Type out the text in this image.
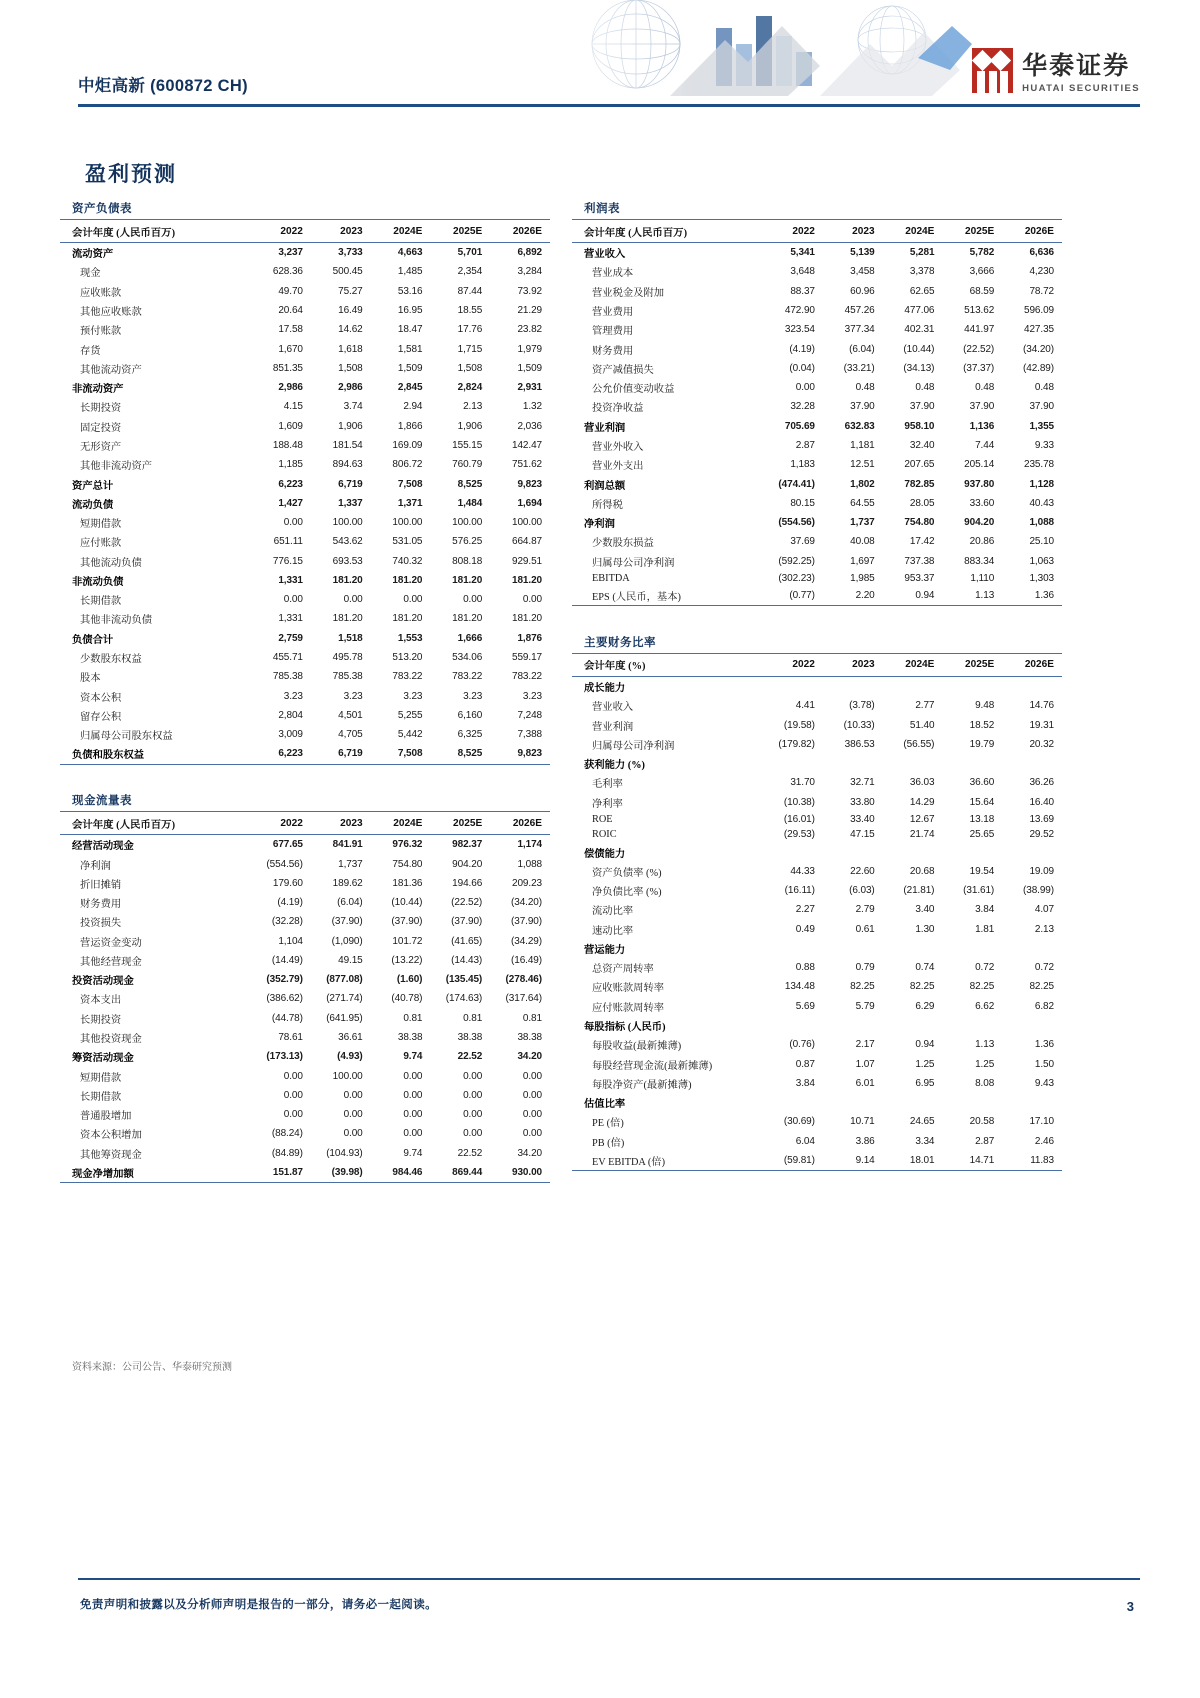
中炬高新 (600872 CH)
华泰证券
HUATAI SECURITIES
盈利预测
资产负债表
会计年度 (人民币百万)	2022	2023	2024E	2025E	2026E
流动资产	3,237	3,733	4,663	5,701	6,892
现金	628.36	500.45	1,485	2,354	3,284
应收账款	49.70	75.27	53.16	87.44	73.92
其他应收账款	20.64	16.49	16.95	18.55	21.29
预付账款	17.58	14.62	18.47	17.76	23.82
存货	1,670	1,618	1,581	1,715	1,979
其他流动资产	851.35	1,508	1,509	1,508	1,509
非流动资产	2,986	2,986	2,845	2,824	2,931
长期投资	4.15	3.74	2.94	2.13	1.32
固定投资	1,609	1,906	1,866	1,906	2,036
无形资产	188.48	181.54	169.09	155.15	142.47
其他非流动资产	1,185	894.63	806.72	760.79	751.62
资产总计	6,223	6,719	7,508	8,525	9,823
流动负债	1,427	1,337	1,371	1,484	1,694
短期借款	0.00	100.00	100.00	100.00	100.00
应付账款	651.11	543.62	531.05	576.25	664.87
其他流动负债	776.15	693.53	740.32	808.18	929.51
非流动负债	1,331	181.20	181.20	181.20	181.20
长期借款	0.00	0.00	0.00	0.00	0.00
其他非流动负债	1,331	181.20	181.20	181.20	181.20
负债合计	2,759	1,518	1,553	1,666	1,876
少数股东权益	455.71	495.78	513.20	534.06	559.17
股本	785.38	785.38	783.22	783.22	783.22
资本公积	3.23	3.23	3.23	3.23	3.23
留存公积	2,804	4,501	5,255	6,160	7,248
归属母公司股东权益	3,009	4,705	5,442	6,325	7,388
负债和股东权益	6,223	6,719	7,508	8,525	9,823

现金流量表
会计年度 (人民币百万)	2022	2023	2024E	2025E	2026E
经营活动现金	677.65	841.91	976.32	982.37	1,174
净利润	(554.56)	1,737	754.80	904.20	1,088
折旧摊销	179.60	189.62	181.36	194.66	209.23
财务费用	(4.19)	(6.04)	(10.44)	(22.52)	(34.20)
投资损失	(32.28)	(37.90)	(37.90)	(37.90)	(37.90)
营运资金变动	1,104	(1,090)	101.72	(41.65)	(34.29)
其他经营现金	(14.49)	49.15	(13.22)	(14.43)	(16.49)
投资活动现金	(352.79)	(877.08)	(1.60)	(135.45)	(278.46)
资本支出	(386.62)	(271.74)	(40.78)	(174.63)	(317.64)
长期投资	(44.78)	(641.95)	0.81	0.81	0.81
其他投资现金	78.61	36.61	38.38	38.38	38.38
筹资活动现金	(173.13)	(4.93)	9.74	22.52	34.20
短期借款	0.00	100.00	0.00	0.00	0.00
长期借款	0.00	0.00	0.00	0.00	0.00
普通股增加	0.00	0.00	0.00	0.00	0.00
资本公积增加	(88.24)	0.00	0.00	0.00	0.00
其他筹资现金	(84.89)	(104.93)	9.74	22.52	34.20
现金净增加额	151.87	(39.98)	984.46	869.44	930.00

利润表
会计年度 (人民币百万)	2022	2023	2024E	2025E	2026E
营业收入	5,341	5,139	5,281	5,782	6,636
营业成本	3,648	3,458	3,378	3,666	4,230
营业税金及附加	88.37	60.96	62.65	68.59	78.72
营业费用	472.90	457.26	477.06	513.62	596.09
管理费用	323.54	377.34	402.31	441.97	427.35
财务费用	(4.19)	(6.04)	(10.44)	(22.52)	(34.20)
资产减值损失	(0.04)	(33.21)	(34.13)	(37.37)	(42.89)
公允价值变动收益	0.00	0.48	0.48	0.48	0.48
投资净收益	32.28	37.90	37.90	37.90	37.90
营业利润	705.69	632.83	958.10	1,136	1,355
营业外收入	2.87	1,181	32.40	7.44	9.33
营业外支出	1,183	12.51	207.65	205.14	235.78
利润总额	(474.41)	1,802	782.85	937.80	1,128
所得税	80.15	64.55	28.05	33.60	40.43
净利润	(554.56)	1,737	754.80	904.20	1,088
少数股东损益	37.69	40.08	17.42	20.86	25.10
归属母公司净利润	(592.25)	1,697	737.38	883.34	1,063
EBITDA	(302.23)	1,985	953.37	1,110	1,303
EPS (人民币，基本)	(0.77)	2.20	0.94	1.13	1.36

主要财务比率
会计年度 (%)	2022	2023	2024E	2025E	2026E
成长能力					
营业收入	4.41	(3.78)	2.77	9.48	14.76
营业利润	(19.58)	(10.33)	51.40	18.52	19.31
归属母公司净利润	(179.82)	386.53	(56.55)	19.79	20.32
获利能力 (%)					
毛利率	31.70	32.71	36.03	36.60	36.26
净利率	(10.38)	33.80	14.29	15.64	16.40
ROE	(16.01)	33.40	12.67	13.18	13.69
ROIC	(29.53)	47.15	21.74	25.65	29.52
偿债能力					
资产负债率 (%)	44.33	22.60	20.68	19.54	19.09
净负债比率 (%)	(16.11)	(6.03)	(21.81)	(31.61)	(38.99)
流动比率	2.27	2.79	3.40	3.84	4.07
速动比率	0.49	0.61	1.30	1.81	2.13
营运能力					
总资产周转率	0.88	0.79	0.74	0.72	0.72
应收账款周转率	134.48	82.25	82.25	82.25	82.25
应付账款周转率	5.69	5.79	6.29	6.62	6.82
每股指标 (人民币)					
每股收益(最新摊薄)	(0.76)	2.17	0.94	1.13	1.36
每股经营现金流(最新摊薄)	0.87	1.07	1.25	1.25	1.50
每股净资产(最新摊薄)	3.84	6.01	6.95	8.08	9.43
估值比率					
PE (倍)	(30.69)	10.71	24.65	20.58	17.10
PB (倍)	6.04	3.86	3.34	2.87	2.46
EV EBITDA (倍)	(59.81)	9.14	18.01	14.71	11.83

资料来源：公司公告、华泰研究预测
免责声明和披露以及分析师声明是报告的一部分，请务必一起阅读。	3
